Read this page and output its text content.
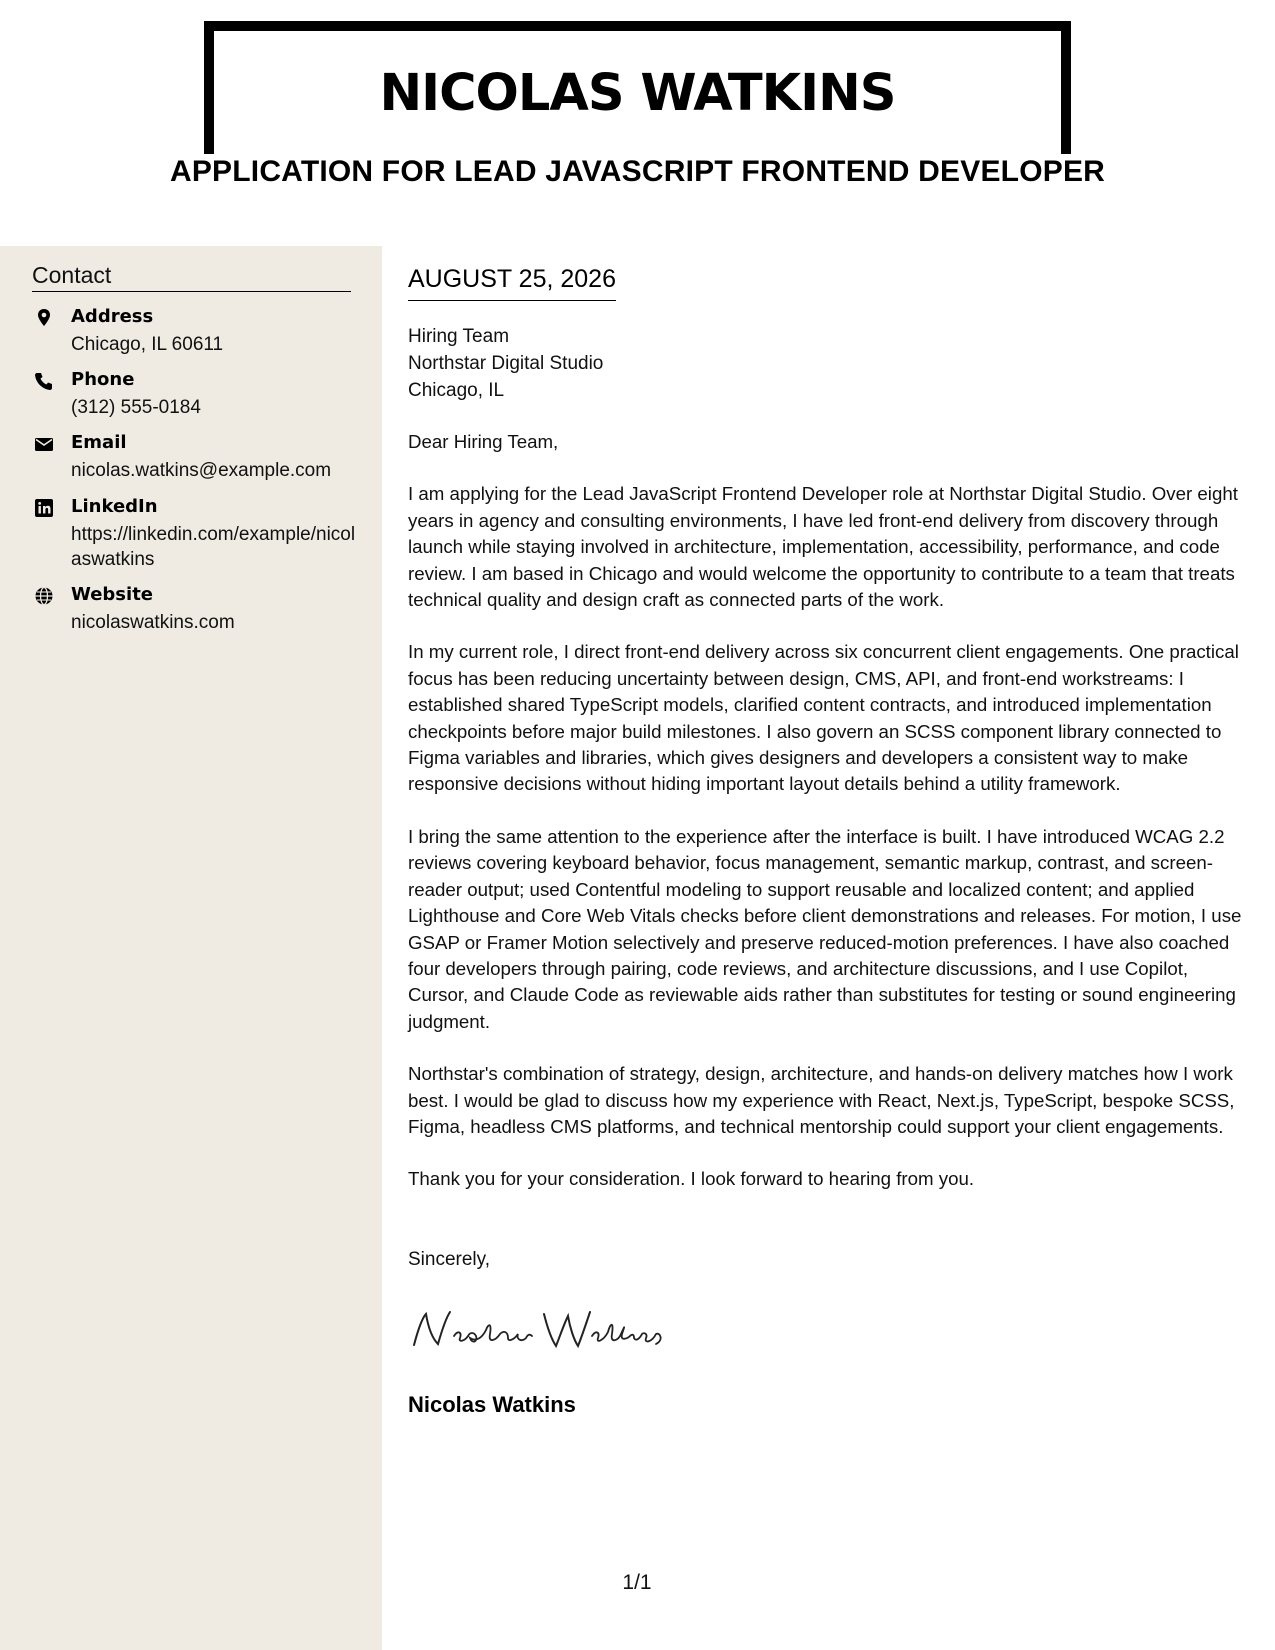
NICOLAS WATKINS
APPLICATION FOR LEAD JAVASCRIPT FRONTEND DEVELOPER
Contact
Address
Chicago, IL 60611
Phone
(312) 555-0184
Email
nicolas.watkins@example.com
LinkedIn
https://linkedin.com/example/nicolaswatkins
Website
nicolaswatkins.com
AUGUST 25, 2026
Hiring Team
Northstar Digital Studio
Chicago, IL

Dear Hiring Team,

I am applying for the Lead JavaScript Frontend Developer role at Northstar Digital Studio. Over eight years in agency and consulting environments, I have led front-end delivery from discovery through launch while staying involved in architecture, implementation, accessibility, performance, and code review. I am based in Chicago and would welcome the opportunity to contribute to a team that treats technical quality and design craft as connected parts of the work.

In my current role, I direct front-end delivery across six concurrent client engagements. One practical focus has been reducing uncertainty between design, CMS, API, and front-end workstreams: I established shared TypeScript models, clarified content contracts, and introduced implementation checkpoints before major build milestones. I also govern an SCSS component library connected to Figma variables and libraries, which gives designers and developers a consistent way to make responsive decisions without hiding important layout details behind a utility framework.

I bring the same attention to the experience after the interface is built. I have introduced WCAG 2.2 reviews covering keyboard behavior, focus management, semantic markup, contrast, and screen-reader output; used Contentful modeling to support reusable and localized content; and applied Lighthouse and Core Web Vitals checks before client demonstrations and releases. For motion, I use GSAP or Framer Motion selectively and preserve reduced-motion preferences. I have also coached four developers through pairing, code reviews, and architecture discussions, and I use Copilot, Cursor, and Claude Code as reviewable aids rather than substitutes for testing or sound engineering judgment.

Northstar's combination of strategy, design, architecture, and hands-on delivery matches how I work best. I would be glad to discuss how my experience with React, Next.js, TypeScript, bespoke SCSS, Figma, headless CMS platforms, and technical mentorship could support your client engagements.

Thank you for your consideration. I look forward to hearing from you.

Sincerely,
Nicolas Watkins
1/1
